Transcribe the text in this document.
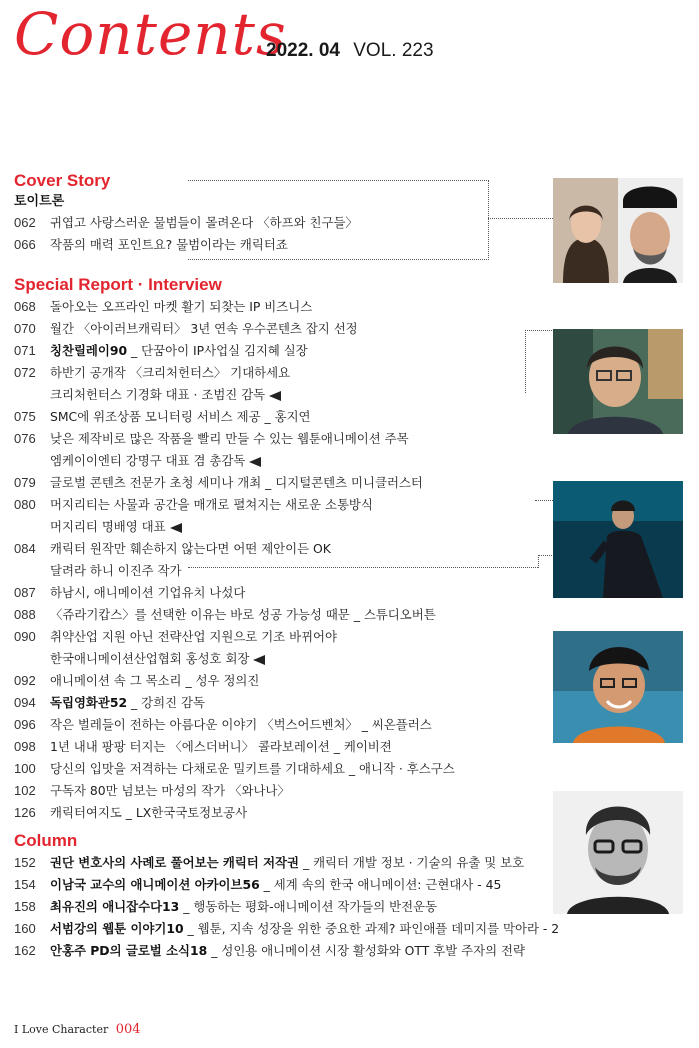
Contents
2022. 04 VOL. 223
Cover Story
토이트론
062 귀엽고 사랑스러운 물범들이 몰려온다 〈하프와 친구들〉
066 작품의 매력 포인트요? 물범이라는 캐릭터죠
Special Report · Interview
068 돌아오는 오프라인 마켓 활기 되찾는 IP 비즈니스
070 월간 〈아이러브캐릭터〉 3년 연속 우수콘텐츠 잡지 선정
071 칭찬릴레이90 _ 단꿈아이 IP사업실 김지혜 실장
072 하반기 공개작 〈크리처헌터스〉 기대하세요
크리처헌터스 기경화 대표 · 조범진 감독
075 SMC에 위조상품 모니터링 서비스 제공 _ 홍지연
076 낮은 제작비로 많은 작품을 빨리 만들 수 있는 웹툰애니메이션 주목
엠케이이엔티 강명구 대표 겸 총감독
079 글로벌 콘텐츠 전문가 초청 세미나 개최 _ 디지털콘텐츠 미니클러스터
080 머지리티는 사물과 공간을 매개로 펼쳐지는 새로운 소통방식
머지리티 명배영 대표
084 캐릭터 원작만 훼손하지 않는다면 어떤 제안이든 OK
달려라 하니 이진주 작가
087 하남시, 애니메이션 기업유치 나섰다
088 〈쥬라기캅스〉를 선택한 이유는 바로 성공 가능성 때문 _ 스튜디오버튼
090 취약산업 지원 아닌 전략산업 지원으로 기조 바뀌어야
한국애니메이션산업협회 홍성호 회장
092 애니메이션 속 그 목소리 _ 성우 정의진
094 독립영화관52 _ 강희진 감독
096 작은 벌레들이 전하는 아름다운 이야기 〈벅스어드벤처〉 _ 씨온플러스
098 1년 내내 팡팡 터지는 〈에스더버니〉 콜라보레이션 _ 케이비젼
100 당신의 입맛을 저격하는 다채로운 밀키트를 기대하세요 _ 애니작 · 후스구스
102 구독자 80만 넘보는 마성의 작가 〈와나나〉
126 캐릭터여지도 _ LX한국국토정보공사
Column
152 권단 변호사의 사례로 풀어보는 캐릭터 저작권 _ 캐릭터 개발 정보 · 기술의 유출 및 보호
154 이남국 교수의 애니메이션 아카이브56 _ 세계 속의 한국 애니메이션: 근현대사 - 45
158 최유진의 애니잡수다13 _ 행동하는 평화-애니메이션 작가들의 반전운동
160 서범강의 웹툰 이야기10 _ 웹툰, 지속 성장을 위한 중요한 과제? 파인애플 데미지를 막아라 - 2
162 안홍주 PD의 글로벌 소식18 _ 성인용 애니메이션 시장 활성화와 OTT 후발 주자의 전략
I Love Character 004
